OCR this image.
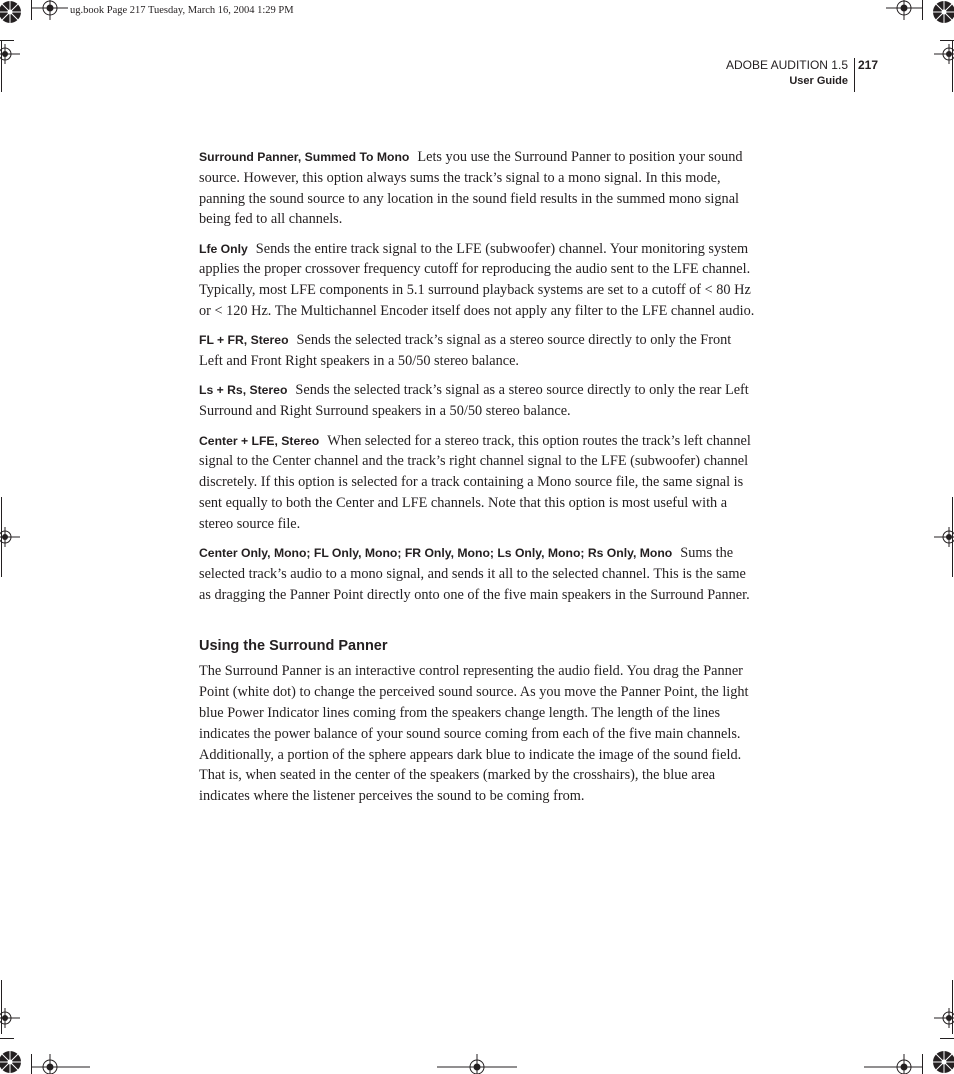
ug.book Page 217 Tuesday, March 16, 2004 1:29 PM
ADOBE AUDITION 1.5
User Guide
217

Surround Panner, Summed To Mono Lets you use the Surround Panner to position your sound source. However, this option always sums the track’s signal to a mono signal. In this mode, panning the sound source to any location in the sound field results in the summed mono signal being fed to all channels.

Lfe Only Sends the entire track signal to the LFE (subwoofer) channel. Your monitoring system applies the proper crossover frequency cutoff for reproducing the audio sent to the LFE channel. Typically, most LFE components in 5.1 surround playback systems are set to a cutoff of < 80 Hz or < 120 Hz. The Multichannel Encoder itself does not apply any filter to the LFE channel audio.

FL + FR, Stereo Sends the selected track’s signal as a stereo source directly to only the Front Left and Front Right speakers in a 50/50 stereo balance.

Ls + Rs, Stereo Sends the selected track’s signal as a stereo source directly to only the rear Left Surround and Right Surround speakers in a 50/50 stereo balance.

Center + LFE, Stereo When selected for a stereo track, this option routes the track’s left channel signal to the Center channel and the track’s right channel signal to the LFE (subwoofer) channel discretely. If this option is selected for a track containing a Mono source file, the same signal is sent equally to both the Center and LFE channels. Note that this option is most useful with a stereo source file.

Center Only, Mono; FL Only, Mono; FR Only, Mono; Ls Only, Mono; Rs Only, Mono Sums the selected track’s audio to a mono signal, and sends it all to the selected channel. This is the same as dragging the Panner Point directly onto one of the five main speakers in the Surround Panner.

Using the Surround Panner

The Surround Panner is an interactive control representing the audio field. You drag the Panner Point (white dot) to change the perceived sound source. As you move the Panner Point, the light blue Power Indicator lines coming from the speakers change length. The length of the lines indicates the power balance of your sound source coming from each of the five main channels. Additionally, a portion of the sphere appears dark blue to indicate the image of the sound field. That is, when seated in the center of the speakers (marked by the crosshairs), the blue area indicates where the listener perceives the sound to be coming from.
